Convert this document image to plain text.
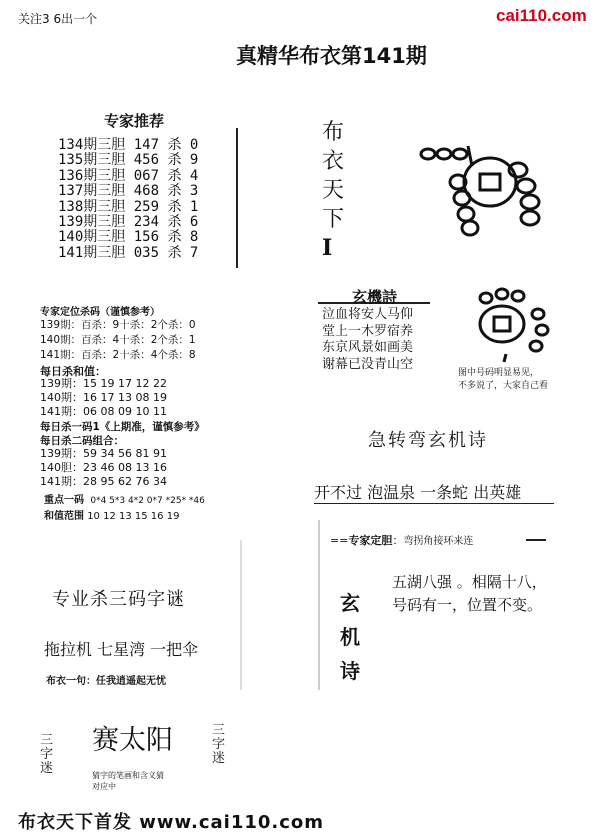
关注3 6出一个	cai110.com
真精华布衣第141期
专家推荐
134期三胆 147 杀 0
135期三胆 456 杀 9
136期三胆 067 杀 4
137期三胆 468 杀 3
138期三胆 259 杀 1
139期三胆 234 杀 6
140期三胆 156 杀 8
141期三胆 035 杀 7
布
衣
天
下
I
玄機詩
泣血将安人马仰
堂上一木罗宿养
东京风景如画美
谢幕已没青山空
图中号码明显易见，
不多说了，大家自己看
专家定位杀码（谨慎参考）
139期：百杀：9十杀：2个杀：0
140期：百杀：4十杀：2个杀：1
141期：百杀：2十杀：4个杀：8
每日杀和值：
139期：15 19 17 12 22
140期：16 17 13 08 19
141期：06 08 09 10 11
每日杀一码1《上期准，谨慎参考》
每日杀二码组合：
139期：59 34 56 81 91
140胆：23 46 08 13 16
141期：28 95 62 76 34
重点一码 0*4 5*3 4*2 0*7 *25* *46
和值范围 10 12 13 15 16 19
急转弯玄机诗
开不过 泡温泉 一条蛇 出英雄
==专家定胆：弯拐角接环来连
玄
机
诗
五湖八强 。相隔十八，
号码有一，位置不变。
专业杀三码字谜
拖拉机 七星湾 一把伞
布衣一句：任我逍遥起无忧
三字迷
赛太阳	三字迷
猜字的笔画和含义猜
对应中
布衣天下首发 www.cai110.com
